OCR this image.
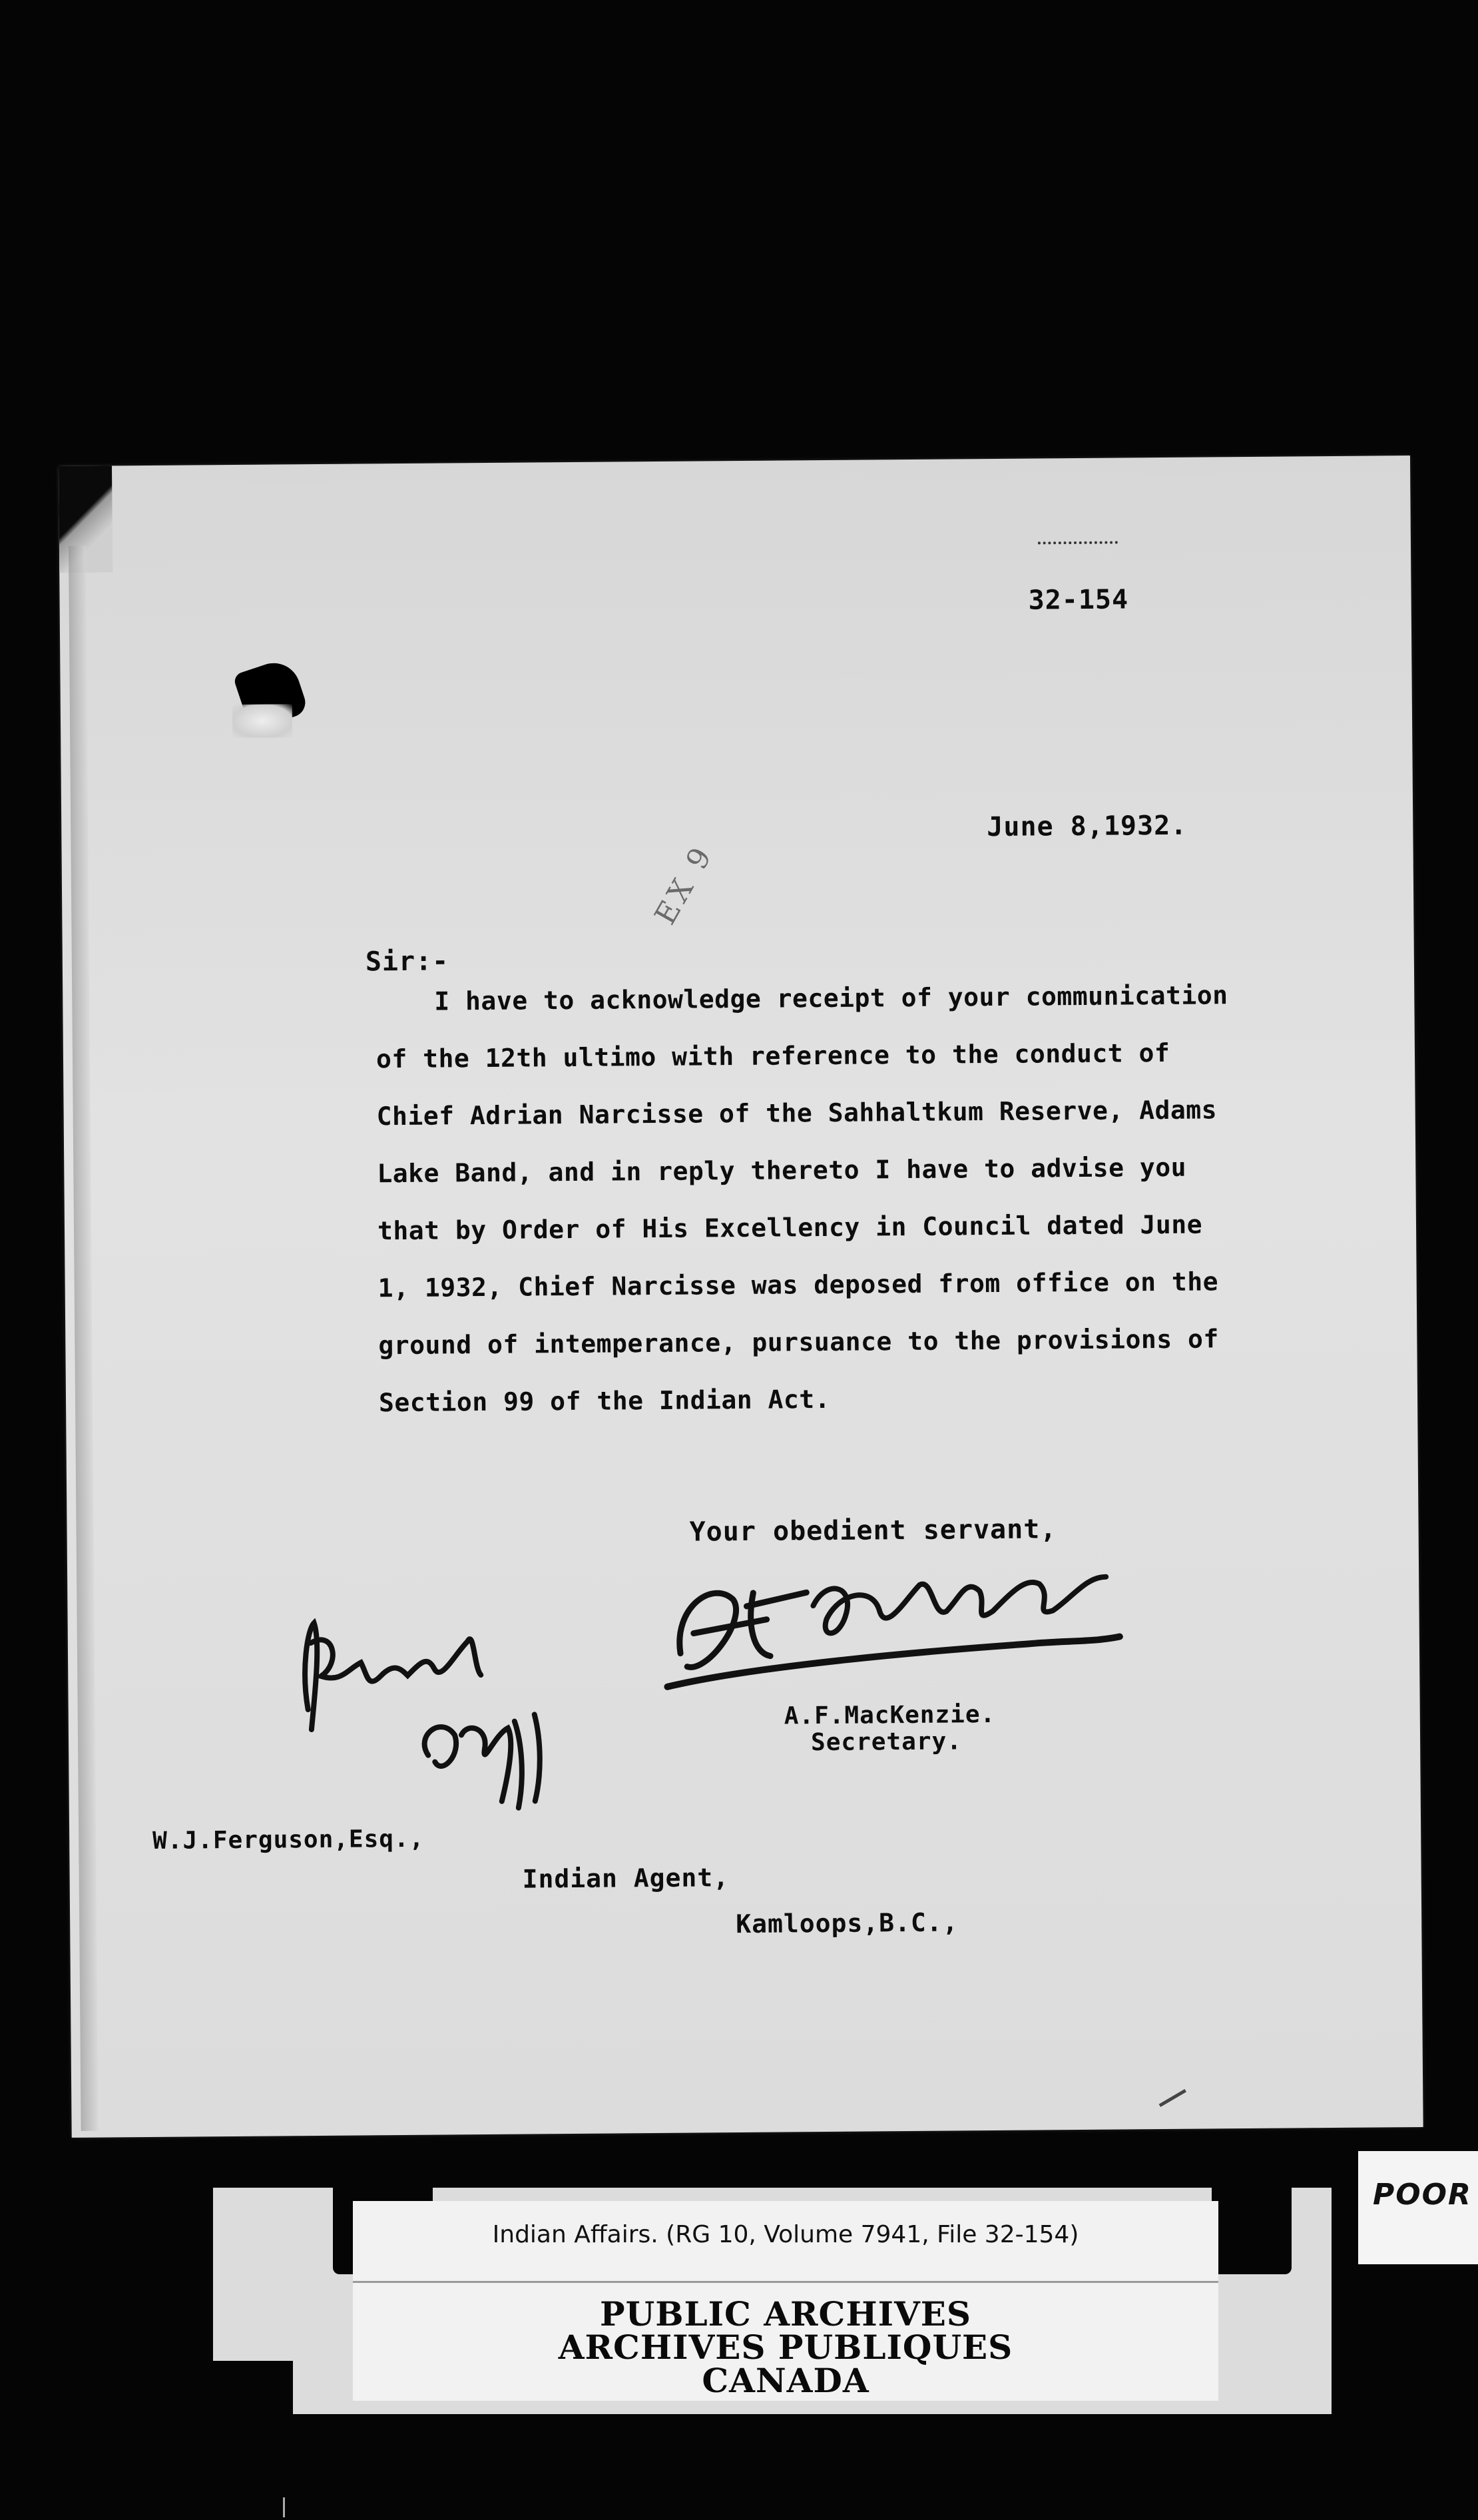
32-154
June 8,1932.
EX 9
Sir:-
I have to acknowledge receipt of your communication
of the 12th ultimo with reference to the conduct of
Chief Adrian Narcisse of the Sahhaltkum Reserve, Adams
Lake Band, and in reply thereto I have to advise you
that by Order of His Excellency in Council dated June
1, 1932, Chief Narcisse was deposed from office on the
ground of intemperance, pursuance to the provisions of
Section 99 of the Indian Act.
Your obedient servant,
A.F.MacKenzie.
Secretary.
W.J.Ferguson,Esq.,
Indian Agent,
Kamloops,B.C.,
Indian Affairs. (RG 10, Volume 7941, File 32-154)
PUBLIC ARCHIVES
ARCHIVES PUBLIQUES
CANADA
POOR
